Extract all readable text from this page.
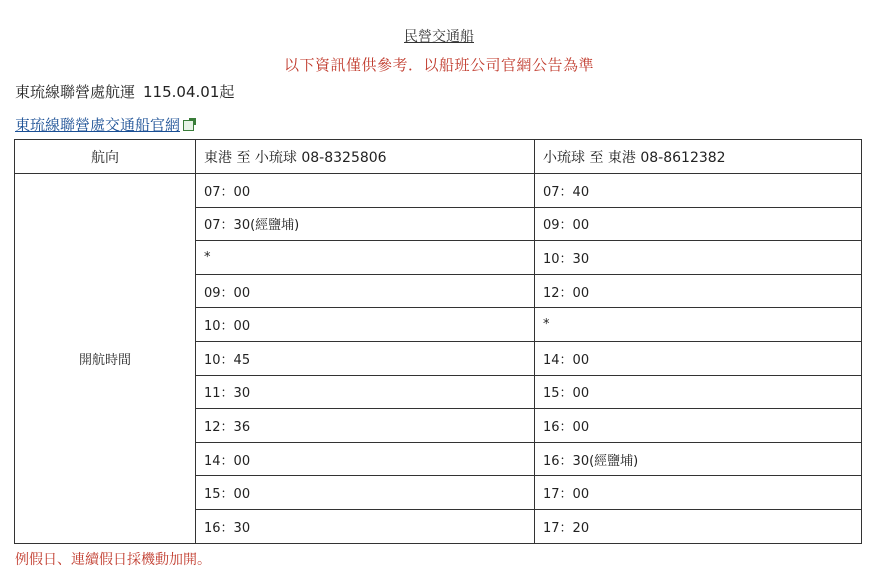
民營交通船
以下資訊僅供參考．以船班公司官網公告為準
東琉線聯營處航運 115.04.01起
東琉線聯營處交通船官網
航向	東港 至 小琉球 08-8325806	小琉球 至 東港 08-8612382
開航時間	07：00	07：40
	07：30(經鹽埔)	09：00
	*	10：30
	09：00	12：00
	10：00	*
	10：45	14：00
	11：30	15：00
	12：36	16：00
	14：00	16：30(經鹽埔)
	15：00	17：00
	16：30	17：20
例假日、連續假日採機動加開。
